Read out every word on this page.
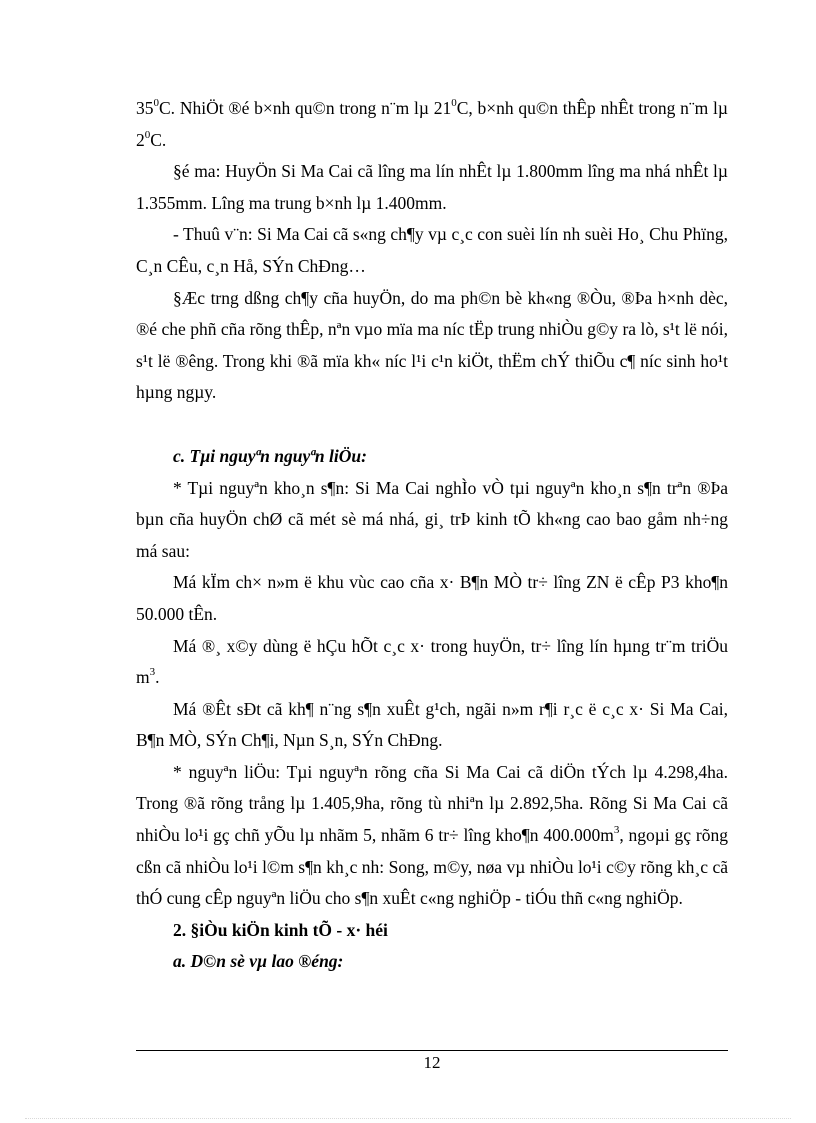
$35^0C$. NhiÖt ®é b×nh qu©n trong n¨m lµ $21^0C$, b×nh qu©n thÊp nhÊt trong n¨m lµ $2^0C$.

§é ma: HuyÖn Si Ma Cai cã lîng ma lín nhÊt lµ 1.800mm lîng ma nhá nhÊt lµ 1.355mm. Lîng ma trung b×nh lµ 1.400mm.

- Thuû v¨n: Si Ma Cai cã s«ng ch¶y vµ c¸c con suèi lín nh suèi Ho¸ Chu Phïng, C¸n CÊu, c¸n Hå, SÝn ChÐng…

§Æc trng dßng ch¶y cña huyÖn, do ma ph©n bè kh«ng ®Òu, ®Þa h×nh dèc, ®é che phñ cña rõng thÊp, nªn vµo mïa ma níc tËp trung nhiÒu g©y ra lò, s¹t lë nói, s¹t lë ®êng. Trong khi ®ã mïa kh« níc l¹i c¹n kiÖt, thËm chÝ thiÕu c¶ níc sinh ho¹t hµng ngµy.

c. Tµi nguyªn nguyªn liÖu:

* Tµi nguyªn kho¸n s¶n: Si Ma Cai nghÌo vÒ tµi nguyªn kho¸n s¶n trªn ®Þa bµn cña huyÖn chØ cã mét sè má nhá, gi¸ trÞ kinh tÕ kh«ng cao bao gåm nh÷ng má sau:

Má kÏm ch× n»m ë khu vùc cao cña x· B¶n MÒ tr÷ lîng ZN ë cÊp P3 kho¶n 50.000 tÊn.

Má ®¸ x©y dùng ë hÇu hÕt c¸c x· trong huyÖn, tr÷ lîng lín hµng tr¨m triÖu $m^3$.

Má ®Êt sÐt cã kh¶ n¨ng s¶n xuÊt g¹ch, ngãi n»m r¶i r¸c ë c¸c x· Si Ma Cai, B¶n MÒ, SÝn Ch¶i, Nµn S¸n, SÝn ChÐng.

* nguyªn liÖu: Tµi nguyªn rõng cña Si Ma Cai cã diÖn tÝch lµ 4.298,4ha. Trong ®ã rõng trång lµ 1.405,9ha, rõng tù nhiªn lµ 2.892,5ha. Rõng Si Ma Cai cã nhiÒu lo¹i gç chñ yÕu lµ nhãm 5, nhãm 6 tr÷ lîng kho¶n $400.000m^3$, ngoµi gç rõng cßn cã nhiÒu lo¹i l©m s¶n kh¸c nh: Song, m©y, nøa vµ nhiÒu lo¹i c©y rõng kh¸c cã thÓ cung cÊp nguyªn liÖu cho s¶n xuÊt c«ng nghiÖp - tiÓu thñ c«ng nghiÖp.

2. §iÒu kiÖn kinh tÕ - x· héi

a. D©n sè vµ lao ®éng:

12
